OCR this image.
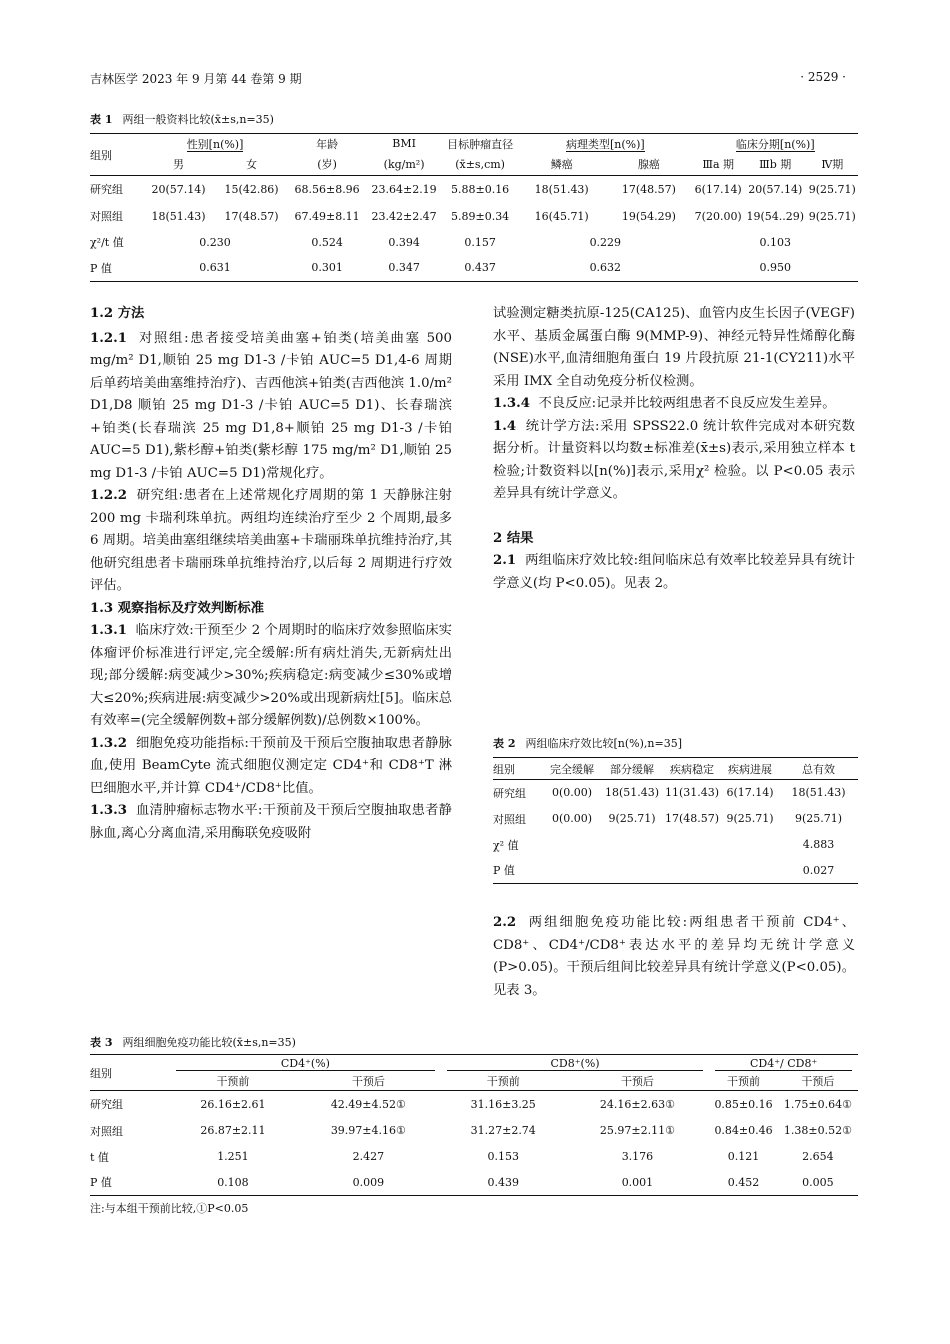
吉林医学 2023 年 9 月第 44 卷第 9 期	· 2529 ·
表 1 两组一般资料比较(x̄±s,n=35)
组别	性别[n(%)]		年龄	BMI	目标肿瘤直径	病理类型[n(%)]		临床分期[n(%)]		
	男	女	(岁)	(kg/m²)	(x̄±s,cm)	鳞癌	腺癌	Ⅲa 期	Ⅲb 期	Ⅳ期
研究组	20(57.14)	15(42.86)	68.56±8.96	23.64±2.19	5.88±0.16	18(51.43)	17(48.57)	6(17.14)	20(57.14)	9(25.71)
对照组	18(51.43)	17(48.57)	67.49±8.11	23.42±2.47	5.89±0.34	16(45.71)	19(54.29)	7(20.00)	19(54..29)	9(25.71)
χ²/t 值	0.230		0.524	0.394	0.157	0.229		0.103		
P 值	0.631		0.301	0.347	0.437	0.632		0.950		

1.2 方法

1.2.1 对照组:患者接受培美曲塞+铂类(培美曲塞 500 mg/m² D1,顺铂 25 mg D1-3 /卡铂 AUC=5 D1,4-6 周期后单药培美曲塞维持治疗)、吉西他滨+铂类(吉西他滨 1.0/m² D1,D8 顺铂 25 mg D1-3 /卡铂 AUC=5 D1)、长春瑞滨+铂类(长春瑞滨 25 mg D1,8+顺铂 25 mg D1-3 /卡铂 AUC=5 D1),紫杉醇+铂类(紫杉醇 175 mg/m² D1,顺铂 25 mg D1-3 /卡铂 AUC=5 D1)常规化疗。

1.2.2 研究组:患者在上述常规化疗周期的第 1 天静脉注射 200 mg 卡瑞利珠单抗。两组均连续治疗至少 2 个周期,最多 6 周期。培美曲塞组继续培美曲塞+卡瑞丽珠单抗维持治疗,其他研究组患者卡瑞丽珠单抗维持治疗,以后每 2 周期进行疗效评估。

1.3 观察指标及疗效判断标准

1.3.1 临床疗效:干预至少 2 个周期时的临床疗效参照临床实体瘤评价标准进行评定,完全缓解:所有病灶消失,无新病灶出现;部分缓解:病变减少>30%;疾病稳定:病变减少≤30%或增大≤20%;疾病进展:病变减少>20%或出现新病灶[5]。临床总有效率=(完全缓解例数+部分缓解例数)/总例数×100%。

1.3.2 细胞免疫功能指标:干预前及干预后空腹抽取患者静脉血,使用 BeamCyte 流式细胞仪测定定 CD4⁺和 CD8⁺T 淋巴细胞水平,并计算 CD4⁺/CD8⁺比值。

1.3.3 血清肿瘤标志物水平:干预前及干预后空腹抽取患者静脉血,离心分离血清,采用酶联免疫吸附

试验测定糖类抗原-125(CA125)、血管内皮生长因子(VEGF)水平、基质金属蛋白酶 9(MMP-9)、神经元特异性烯醇化酶(NSE)水平,血清细胞角蛋白 19 片段抗原 21-1(CY211)水平采用 IMX 全自动免疫分析仪检测。

1.3.4 不良反应:记录并比较两组患者不良反应发生差异。

1.4 统计学方法:采用 SPSS22.0 统计软件完成对本研究数据分析。计量资料以均数±标准差(x̄±s)表示,采用独立样本 t 检验;计数资料以[n(%)]表示,采用χ² 检验。以 P<0.05 表示差异具有统计学意义。

2 结果

2.1 两组临床疗效比较:组间临床总有效率比较差异具有统计学意义(均 P<0.05)。见表 2。

表 2 两组临床疗效比较[n(%),n=35]
组别	完全缓解	部分缓解	疾病稳定	疾病进展	总有效
研究组	0(0.00)	18(51.43)	11(31.43)	6(17.14)	18(51.43)
对照组	0(0.00)	9(25.71)	17(48.57)	9(25.71)	9(25.71)
χ² 值					4.883
P 值					0.027

2.2 两组细胞免疫功能比较:两组患者干预前 CD4⁺、CD8⁺、CD4⁺/CD8⁺表达水平的差异均无统计学意义(P>0.05)。干预后组间比较差异具有统计学意义(P<0.05)。见表 3。

表 3 两组细胞免疫功能比较(x̄±s,n=35)
组别	CD4⁺(%)		CD8⁺(%)		CD4⁺/ CD8⁺	

	干预前	干预后	干预前	干预后	干预前	干预后
研究组	26.16±2.61	42.49±4.52①	31.16±3.25	24.16±2.63①	0.85±0.16	1.75±0.64①
对照组	26.87±2.11	39.97±4.16①	31.27±2.74	25.97±2.11①	0.84±0.46	1.38±0.52①
t 值	1.251	2.427	0.153	3.176	0.121	2.654
P 值	0.108	0.009	0.439	0.001	0.452	0.005
注:与本组干预前比较,①P<0.05
